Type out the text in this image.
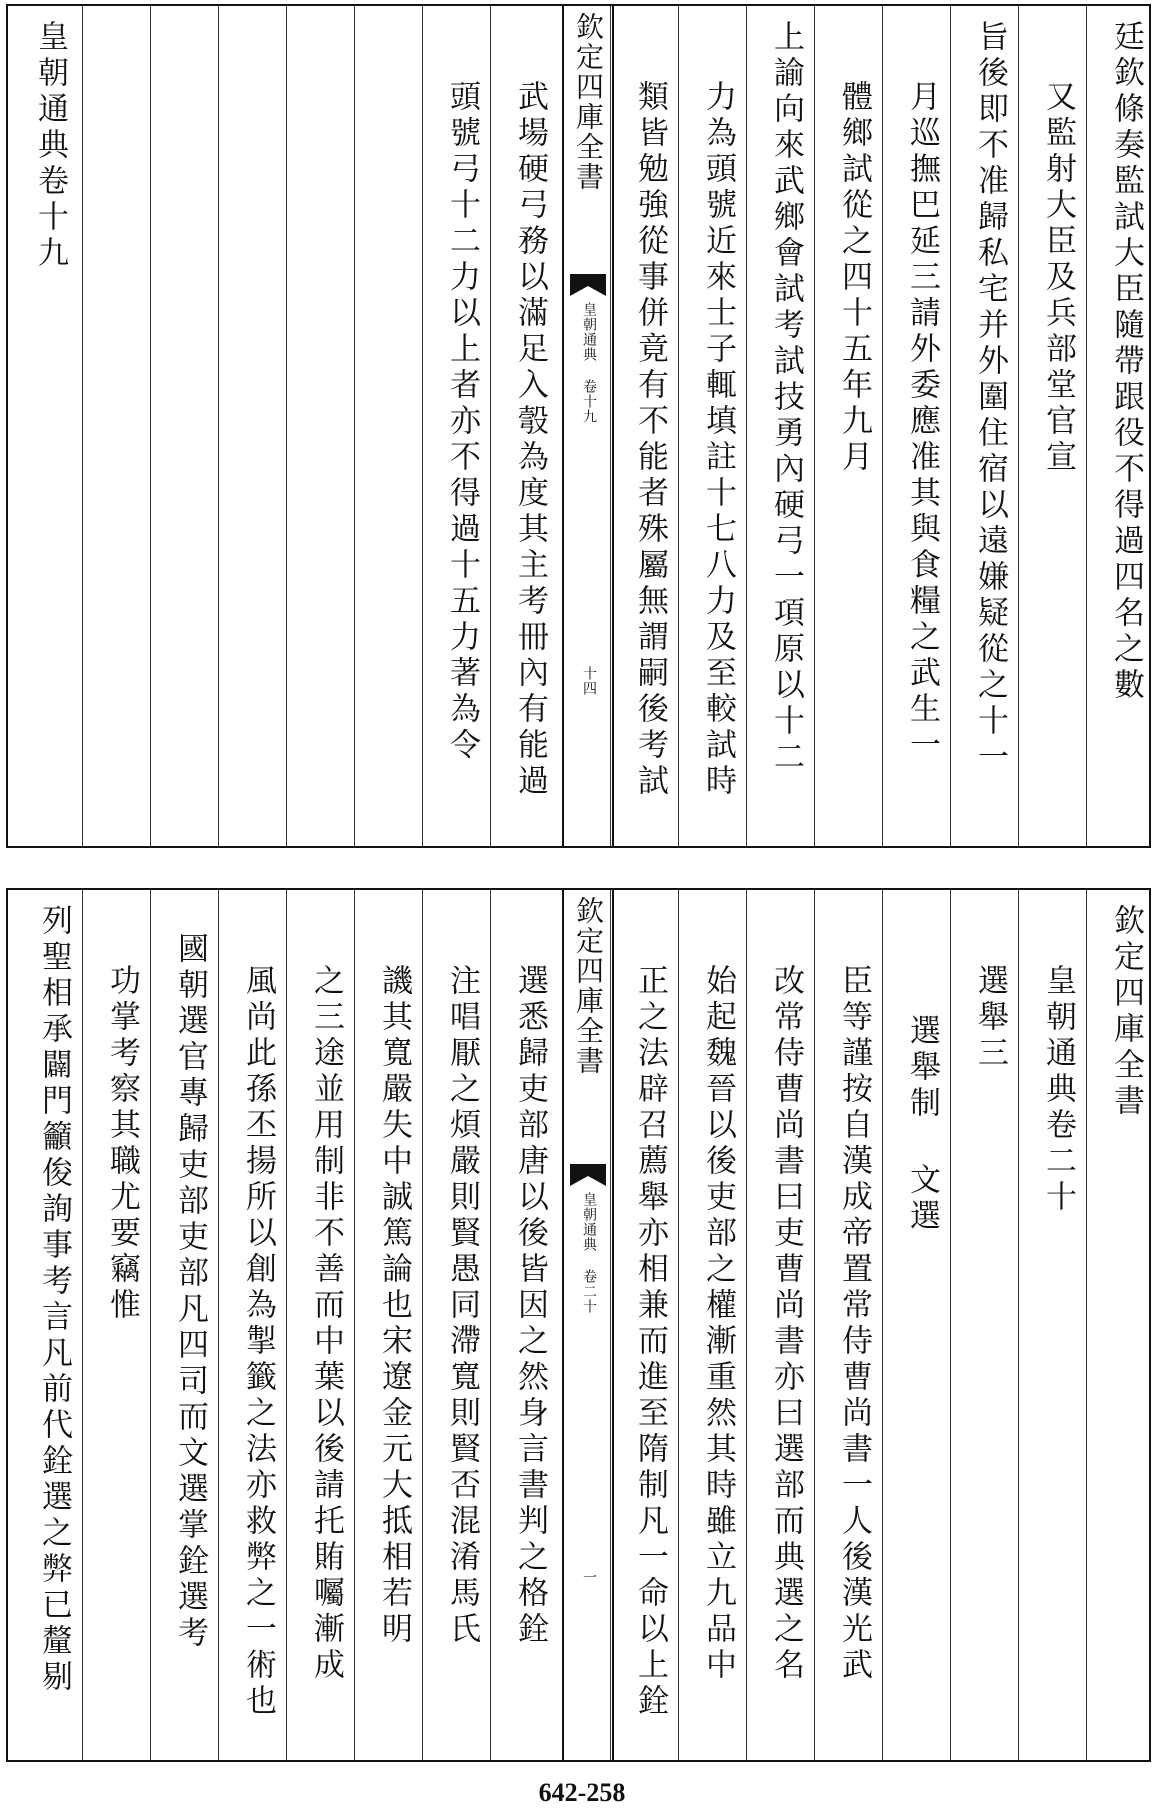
欽定四庫全書
皇朝通典 卷十九
十四	廷欽條奏監試大臣隨帶跟役不得過四名之數
又監射大臣及兵部堂官宣
旨後即不准歸私宅并外圍住宿以遠嫌疑從之十一
月巡撫巴延三請外委應准其與食糧之武生一
體鄉試從之四十五年九月
上諭向來武鄉會試考試技勇內硬弓一項原以十二
力為頭號近來士子輒填註十七八力及至較試時
類皆勉強從事併竟有不能者殊屬無謂嗣後考試
武場硬弓務以滿足入彀為度其主考冊內有能過
頭號弓十二力以上者亦不得過十五力著為令
皇朝通典卷十九
欽定四庫全書
皇朝通典 卷二十
一
欽定四庫全書
皇朝通典卷二十
選舉三
選舉制 文選
臣等謹按自漢成帝置常侍曹尚書一人後漢光武
改常侍曹尚書曰吏曹尚書亦曰選部而典選之名
始起魏晉以後吏部之權漸重然其時雖立九品中
正之法辟召薦舉亦相兼而進至隋制凡一命以上銓
選悉歸吏部唐以後皆因之然身言書判之格銓
注唱厭之煩嚴則賢愚同滯寬則賢否混淆馬氏
譏其寬嚴失中誠篤論也宋遼金元大抵相若明
之三途並用制非不善而中葉以後請托賄囑漸成
風尚此孫丕揚所以創為掣籤之法亦救弊之一術也
國朝選官專歸吏部吏部凡四司而文選掌銓選考
功掌考察其職尤要竊惟
列聖相承闢門籲俊詢事考言凡前代銓選之弊已釐剔
642-258
